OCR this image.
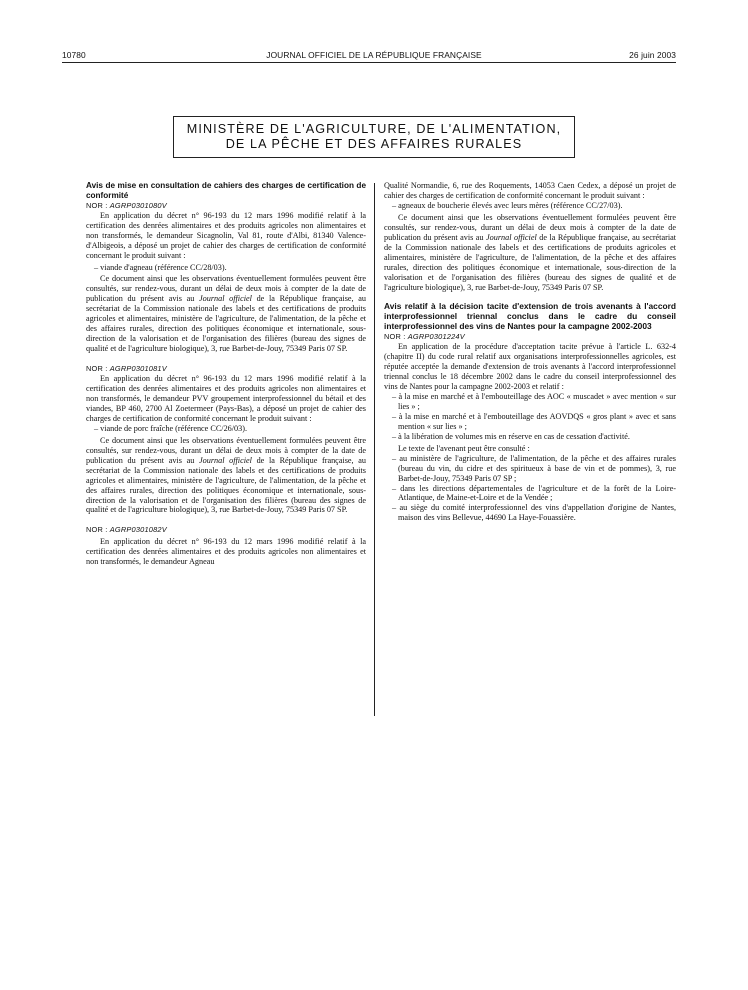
10780	JOURNAL OFFICIEL DE LA RÉPUBLIQUE FRANÇAISE	26 juin 2003
MINISTÈRE DE L'AGRICULTURE, DE L'ALIMENTATION,
DE LA PÊCHE ET DES AFFAIRES RURALES

Avis de mise en consultation de cahiers des charges de certification de conformité

NOR : AGRP0301080V

En application du décret n° 96-193 du 12 mars 1996 modifié relatif à la certification des denrées alimentaires et des produits agricoles non alimentaires et non transformés, le demandeur Sicagnolin, Val 81, route d'Albi, 81340 Valence-d'Albigeois, a déposé un projet de cahier des charges de certification de conformité concernant le produit suivant :

– viande d'agneau (référence CC/28/03).

Ce document ainsi que les observations éventuellement formulées peuvent être consultés, sur rendez-vous, durant un délai de deux mois à compter de la date de publication du présent avis au Journal officiel de la République française, au secrétariat de la Commission nationale des labels et des certifications de produits agricoles et alimentaires, ministère de l'agriculture, de l'alimentation, de la pêche et des affaires rurales, direction des politiques économique et internationale, sous-direction de la valorisation et de l'organisation des filières (bureau des signes de qualité et de l'agriculture biologique), 3, rue Barbet-de-Jouy, 75349 Paris 07 SP.

NOR : AGRP0301081V

En application du décret n° 96-193 du 12 mars 1996 modifié relatif à la certification des denrées alimentaires et des produits agricoles non alimentaires et non transformés, le demandeur PVV groupement interprofessionnel du bétail et des viandes, BP 460, 2700 Al Zoetermeer (Pays-Bas), a déposé un projet de cahier des charges de certification de conformité concernant le produit suivant :

– viande de porc fraîche (référence CC/26/03).

Ce document ainsi que les observations éventuellement formulées peuvent être consultés, sur rendez-vous, durant un délai de deux mois à compter de la date de publication du présent avis au Journal officiel de la République française, au secrétariat de la Commission nationale des labels et des certifications de produits agricoles et alimentaires, ministère de l'agriculture, de l'alimentation, de la pêche et des affaires rurales, direction des politiques économique et internationale, sous-direction de la valorisation et de l'organisation des filières (bureau des signes de qualité et de l'agriculture biologique), 3, rue Barbet-de-Jouy, 75349 Paris 07 SP.

NOR : AGRP0301082V

En application du décret n° 96-193 du 12 mars 1996 modifié relatif à la certification des denrées alimentaires et des produits agricoles non alimentaires et non transformés, le demandeur Agneau

Qualité Normandie, 6, rue des Roquements, 14053 Caen Cedex, a déposé un projet de cahier des charges de certification de conformité concernant le produit suivant :

– agneaux de boucherie élevés avec leurs mères (référence CC/27/03).

Ce document ainsi que les observations éventuellement formulées peuvent être consultés, sur rendez-vous, durant un délai de deux mois à compter de la date de publication du présent avis au Journal officiel de la République française, au secrétariat de la Commission nationale des labels et des certifications de produits agricoles et alimentaires, ministère de l'agriculture, de l'alimentation, de la pêche et des affaires rurales, direction des politiques économique et internationale, sous-direction de la valorisation et de l'organisation des filières (bureau des signes de qualité et de l'agriculture biologique), 3, rue Barbet-de-Jouy, 75349 Paris 07 SP.

Avis relatif à la décision tacite d'extension de trois avenants à l'accord interprofessionnel triennal conclus dans le cadre du conseil interprofessionnel des vins de Nantes pour la campagne 2002-2003

NOR : AGRP0301224V

En application de la procédure d'acceptation tacite prévue à l'article L. 632-4 (chapitre II) du code rural relatif aux organisations interprofessionnelles agricoles, est réputée acceptée la demande d'extension de trois avenants à l'accord interprofessionnel triennal conclus le 18 décembre 2002 dans le cadre du conseil interprofessionnel des vins de Nantes pour la campagne 2002-2003 et relatif :

– à la mise en marché et à l'embouteillage des AOC « muscadet » avec mention « sur lies » ;

– à la mise en marché et à l'embouteillage des AOVDQS « gros plant » avec et sans mention « sur lies » ;

– à la libération de volumes mis en réserve en cas de cessation d'activité.

Le texte de l'avenant peut être consulté :

– au ministère de l'agriculture, de l'alimentation, de la pêche et des affaires rurales (bureau du vin, du cidre et des spiritueux à base de vin et de pommes), 3, rue Barbet-de-Jouy, 75349 Paris 07 SP ;

– dans les directions départementales de l'agriculture et de la forêt de la Loire-Atlantique, de Maine-et-Loire et de la Vendée ;

– au siège du comité interprofessionnel des vins d'appellation d'origine de Nantes, maison des vins Bellevue, 44690 La Haye-Fouassière.
